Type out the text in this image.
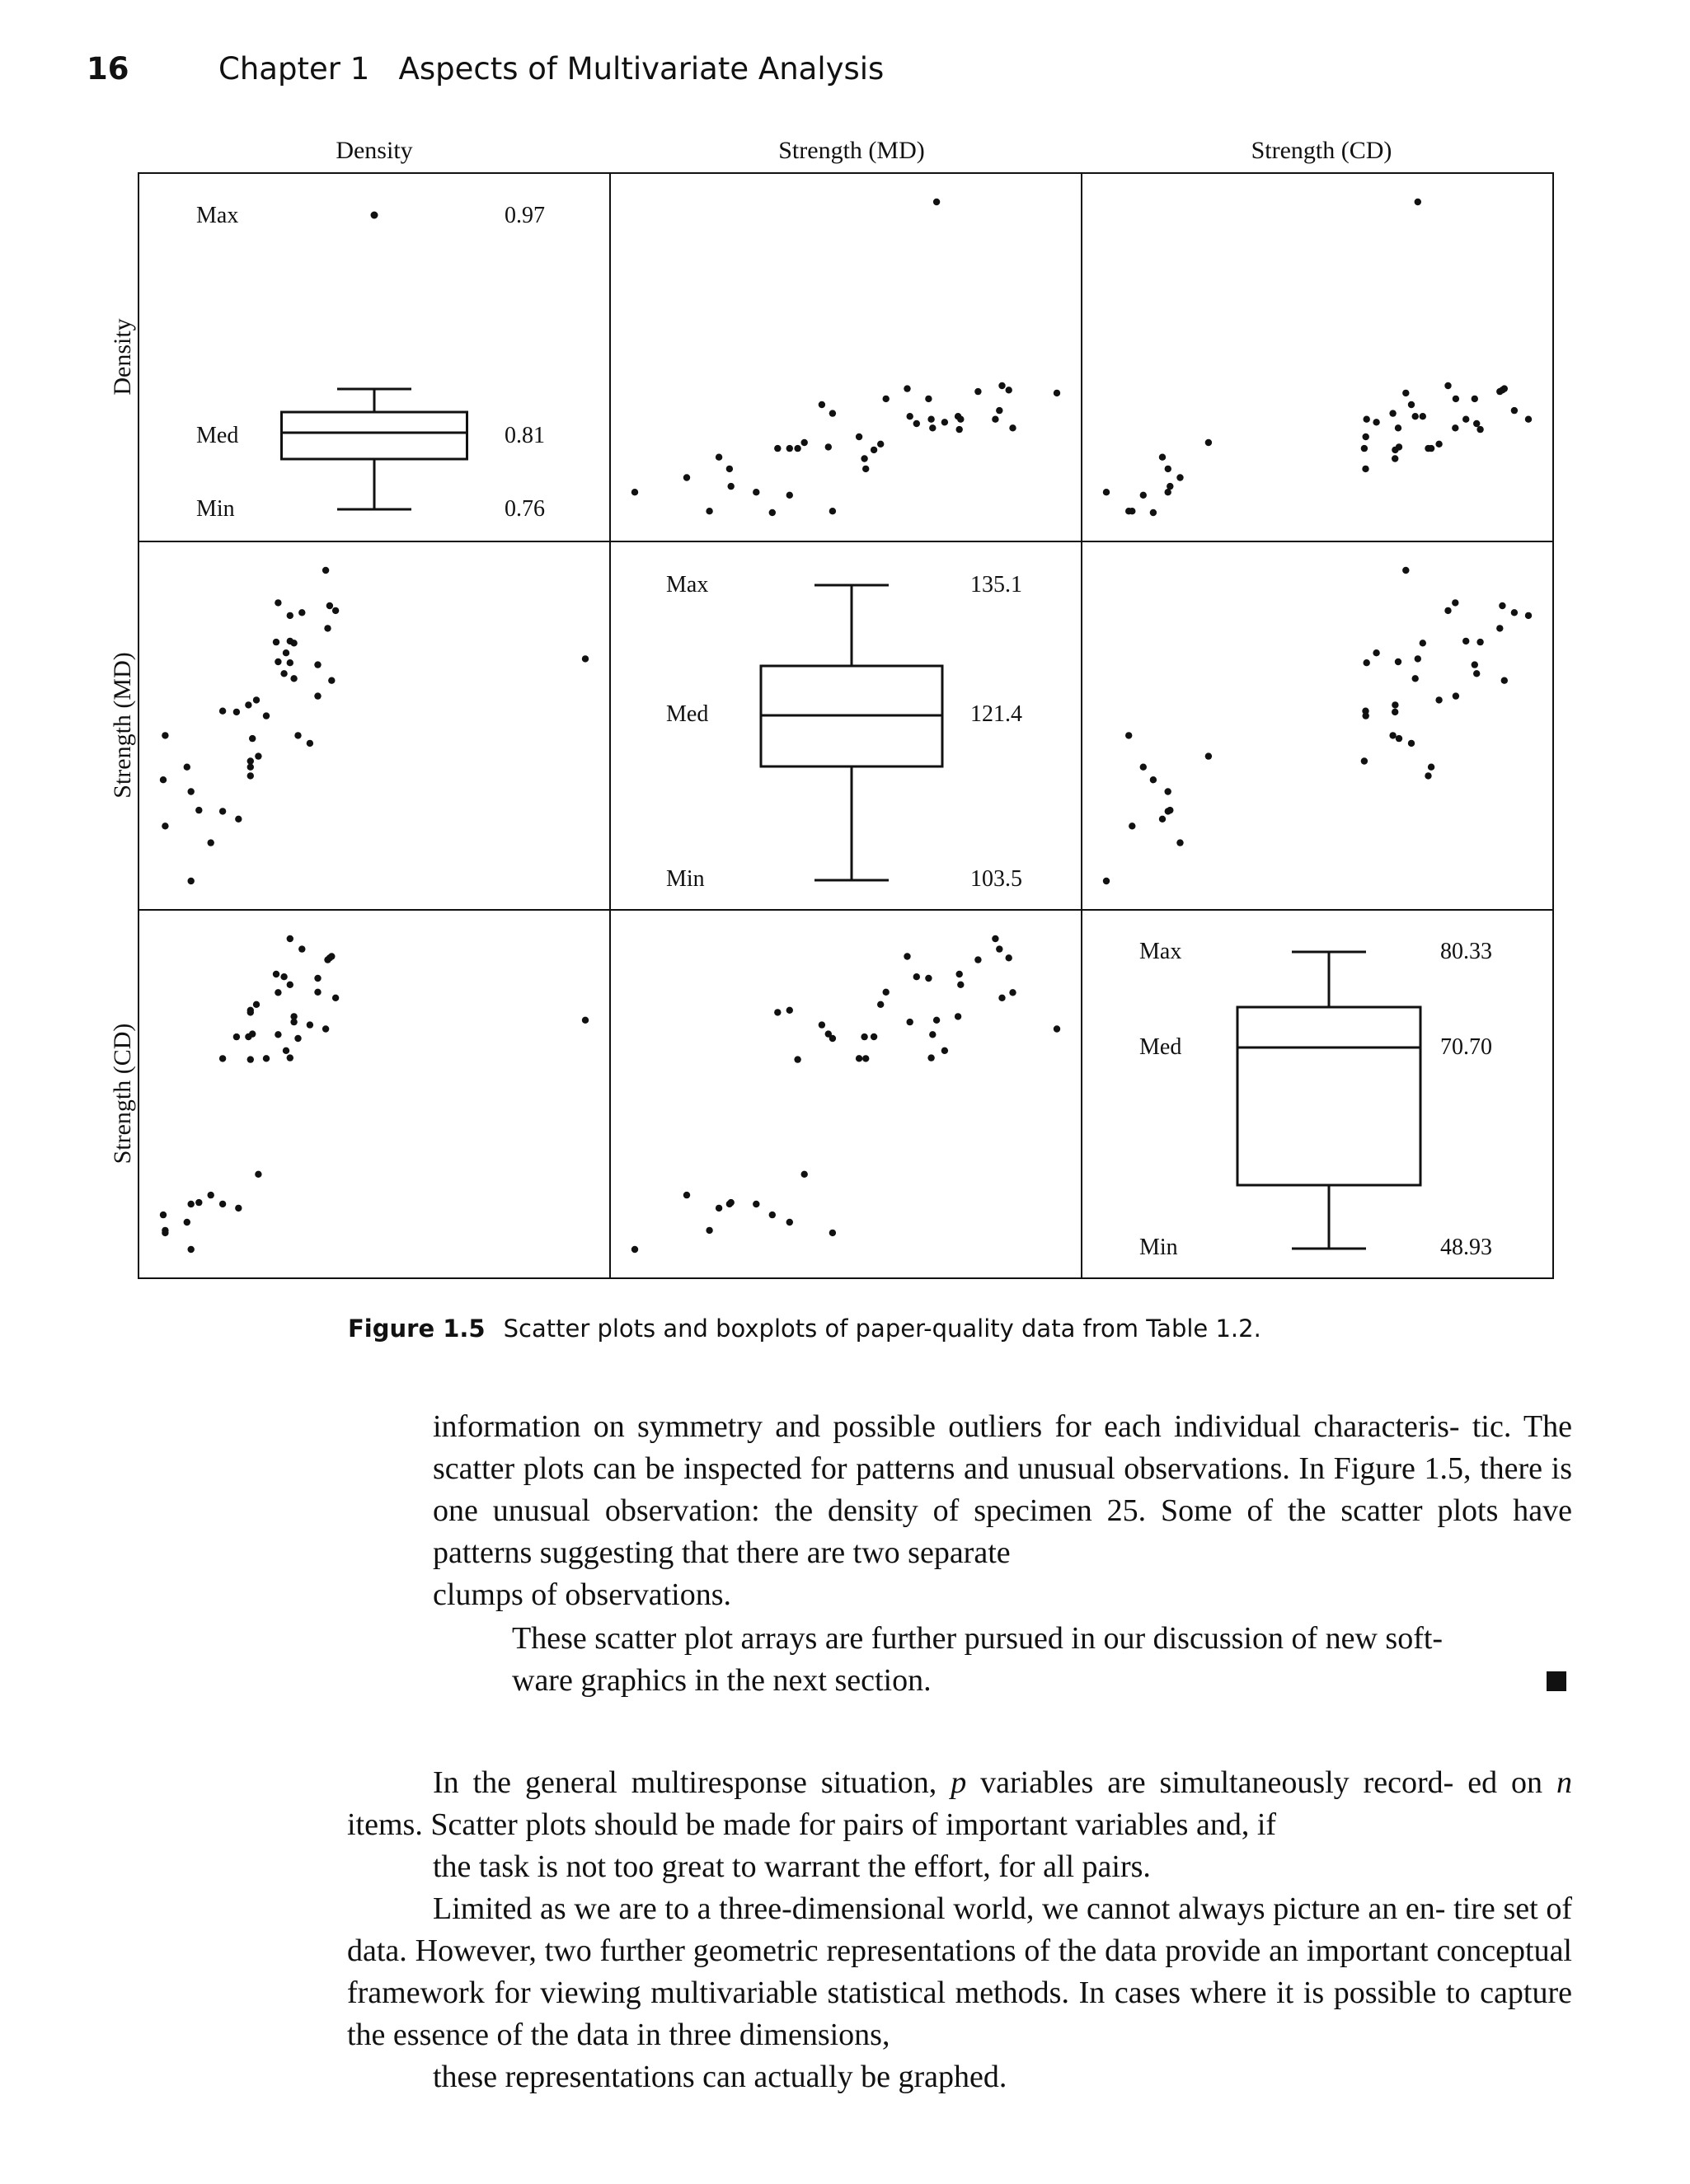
16	Chapter 1 Aspects of Multivariate Analysis
Density	Strength (MD)	Strength (CD)
Density
Strength (MD)
Strength (CD)
Max
Med
Min
0.97
0.81
0.76
Max
Med
Min
135.1
121.4
103.5
Max
Med
Min
80.33
70.70
48.93
Figure 1.5 Scatter plots and boxplots of paper-quality data from Table 1.2.

information on symmetry and possible outliers for each individual characteris- tic. The scatter plots can be inspected for patterns and unusual observations. In Figure 1.5, there is one unusual observation: the density of specimen 25. Some of the scatter plots have patterns suggesting that there are two separate
clumps of observations.

These scatter plot arrays are further pursued in our discussion of new soft-
ware graphics in the next section.

In the general multiresponse situation, p variables are simultaneously record- ed on n items. Scatter plots should be made for pairs of important variables and, if
the task is not too great to warrant the effort, for all pairs.

Limited as we are to a three-dimensional world, we cannot always picture an en- tire set of data. However, two further geometric representations of the data provide an important conceptual framework for viewing multivariable statistical methods. In cases where it is possible to capture the essence of the data in three dimensions,
these representations can actually be graphed.
